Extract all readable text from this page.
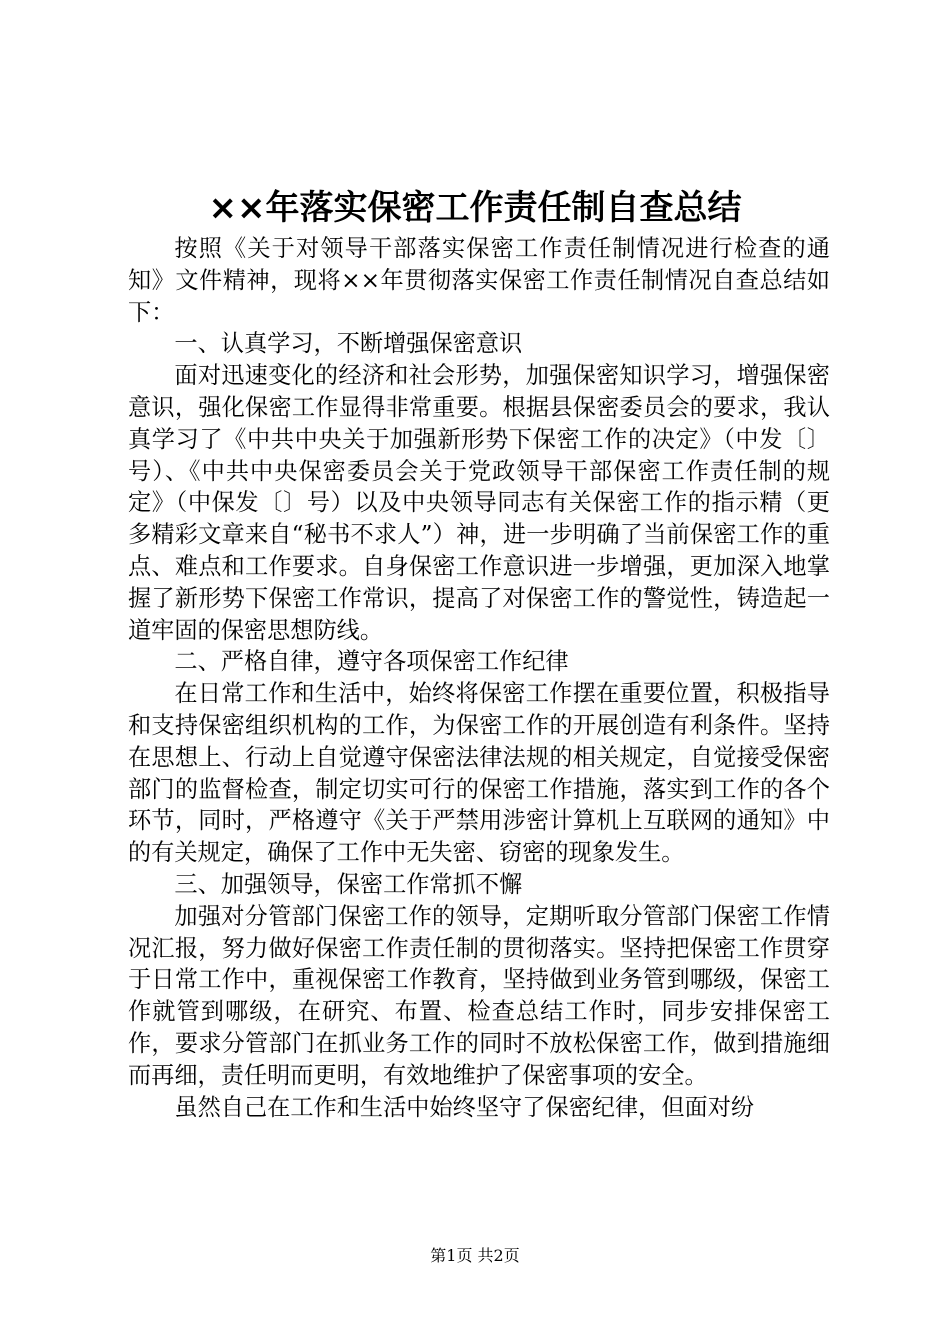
××年落实保密工作责任制自查总结

按照《关于对领导干部落实保密工作责任制情况进行检查的通知》文件精神，现将××年贯彻落实保密工作责任制情况自查总结如下：

一、认真学习，不断增强保密意识

面对迅速变化的经济和社会形势，加强保密知识学习，增强保密意识，强化保密工作显得非常重要。根据县保密委员会的要求，我认真学习了《中共中央关于加强新形势下保密工作的决定》（中发〔〕号）、《中共中央保密委员会关于党政领导干部保密工作责任制的规定》（中保发〔〕号）以及中央领导同志有关保密工作的指示精（更多精彩文章来自“秘书不求人”）神，进一步明确了当前保密工作的重点、难点和工作要求。自身保密工作意识进一步增强，更加深入地掌握了新形势下保密工作常识，提高了对保密工作的警觉性，铸造起一道牢固的保密思想防线。

二、严格自律，遵守各项保密工作纪律

在日常工作和生活中，始终将保密工作摆在重要位置，积极指导和支持保密组织机构的工作，为保密工作的开展创造有利条件。坚持在思想上、行动上自觉遵守保密法律法规的相关规定，自觉接受保密部门的监督检查，制定切实可行的保密工作措施，落实到工作的各个环节，同时，严格遵守《关于严禁用涉密计算机上互联网的通知》中的有关规定，确保了工作中无失密、窃密的现象发生。

三、加强领导，保密工作常抓不懈

加强对分管部门保密工作的领导，定期听取分管部门保密工作情况汇报，努力做好保密工作责任制的贯彻落实。坚持把保密工作贯穿于日常工作中，重视保密工作教育，坚持做到业务管到哪级，保密工作就管到哪级，在研究、布置、检查总结工作时，同步安排保密工作，要求分管部门在抓业务工作的同时不放松保密工作，做到措施细而再细，责任明而更明，有效地维护了保密事项的安全。

虽然自己在工作和生活中始终坚守了保密纪律，但面对纷

第1页 共2页
